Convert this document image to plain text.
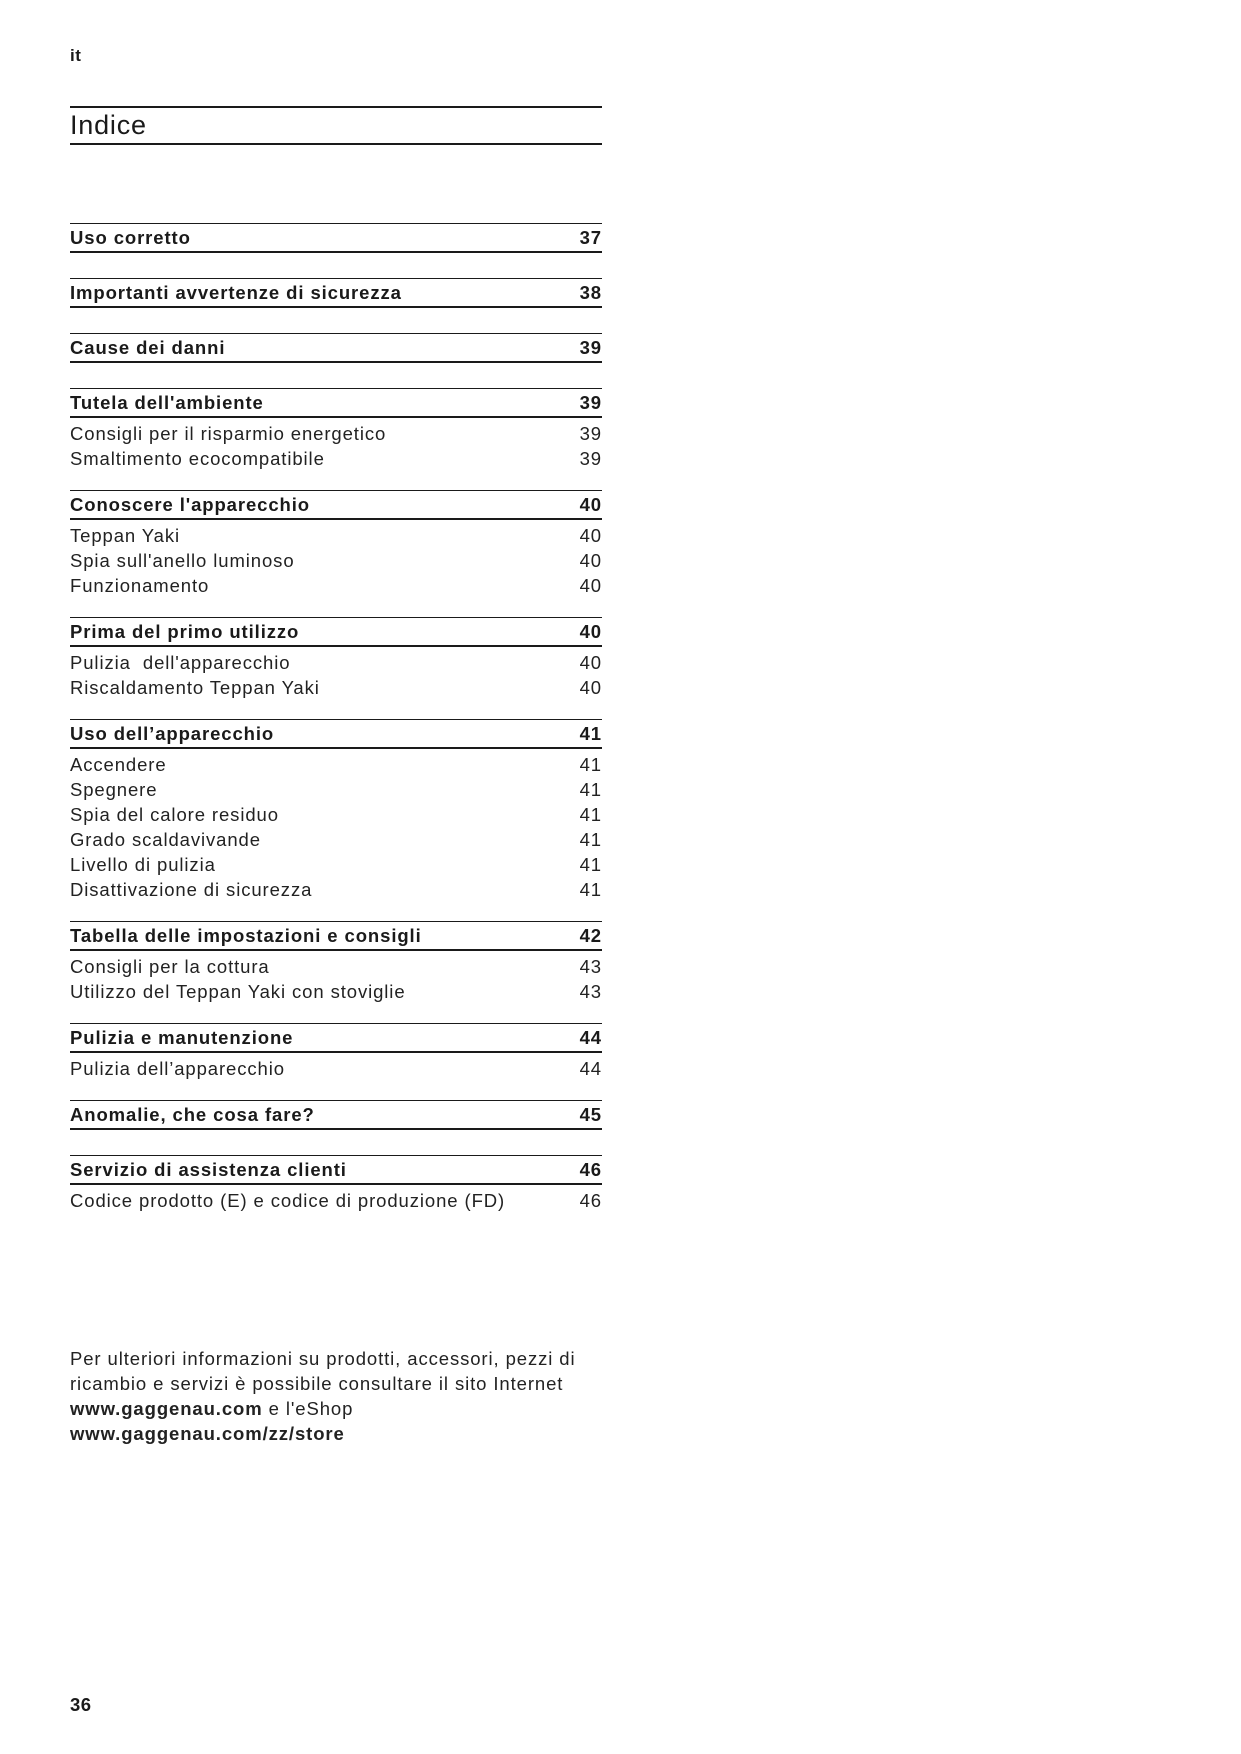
it
Indice
Uso corretto	37
Importanti avvertenze di sicurezza	38
Cause dei danni	39
Tutela dell'ambiente	39
Consigli per il risparmio energetico	39
Smaltimento ecocompatibile	39
Conoscere l'apparecchio	40
Teppan Yaki	40
Spia sull'anello luminoso	40
Funzionamento	40
Prima del primo utilizzo	40
Pulizia  dell'apparecchio	40
Riscaldamento Teppan Yaki	40
Uso dell’apparecchio	41
Accendere	41
Spegnere	41
Spia del calore residuo	41
Grado scaldavivande	41
Livello di pulizia	41
Disattivazione di sicurezza	41
Tabella delle impostazioni e consigli	42
Consigli per la cottura	43
Utilizzo del Teppan Yaki con stoviglie	43
Pulizia e manutenzione	44
Pulizia dell’apparecchio	44
Anomalie, che cosa fare?	45
Servizio di assistenza clienti	46
Codice prodotto (E) e codice di produzione (FD)	46
Per ulteriori informazioni su prodotti, accessori, pezzi di
ricambio e servizi è possibile consultare il sito Internet
www.gaggenau.com e l'eShop
www.gaggenau.com/zz/store
36
